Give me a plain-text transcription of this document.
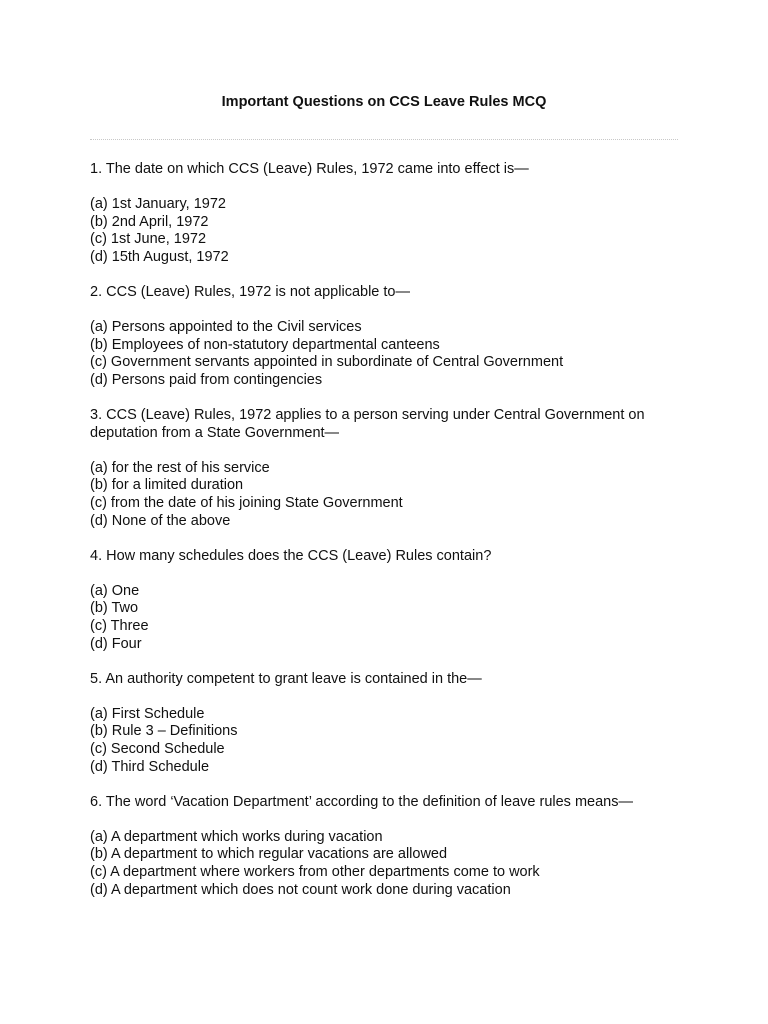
Important Questions on CCS Leave Rules MCQ
1. The date on which CCS (Leave) Rules, 1972 came into effect is—
(a) 1st January, 1972
(b) 2nd April, 1972
(c) 1st June, 1972
(d) 15th August, 1972
2. CCS (Leave) Rules, 1972 is not applicable to—
(a) Persons appointed to the Civil services
(b) Employees of non-statutory departmental canteens
(c) Government servants appointed in subordinate of Central Government
(d) Persons paid from contingencies
3. CCS (Leave) Rules, 1972 applies to a person serving under Central Government on deputation from a State Government—
(a) for the rest of his service
(b) for a limited duration
(c) from the date of his joining State Government
(d) None of the above
4. How many schedules does the CCS (Leave) Rules contain?
(a) One
(b) Two
(c) Three
(d) Four
5. An authority competent to grant leave is contained in the—
(a) First Schedule
(b) Rule 3 – Definitions
(c) Second Schedule
(d) Third Schedule
6. The word ‘Vacation Department’ according to the definition of leave rules means—
(a) A department which works during vacation
(b) A department to which regular vacations are allowed
(c) A department where workers from other departments come to work
(d) A department which does not count work done during vacation
